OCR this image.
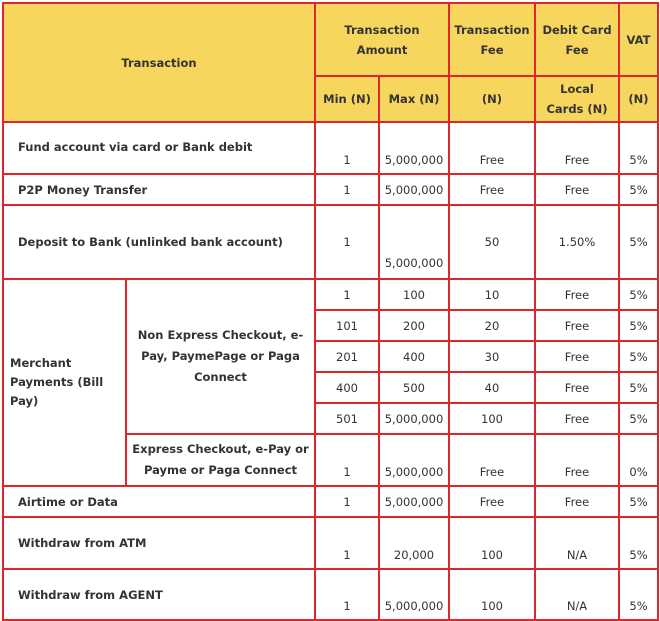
Transaction		Transaction Amount		Transaction Fee	Debit Card Fee	VAT
		Min (N)	Max (N)	(N)	Local Cards (N)	(N)
Fund account via card or Bank debit		1	5,000,000	Free	Free	5%
P2P Money Transfer		1	5,000,000	Free	Free	5%
Deposit to Bank (unlinked bank account)		1	5,000,000	50	1.50%	5%
Merchant Payments (Bill Pay)	Non Express Checkout, e-Pay, PaymePage or Paga Connect	1	100	10	Free	5%
		101	200	20	Free	5%
		201	400	30	Free	5%
		400	500	40	Free	5%
		501	5,000,000	100	Free	5%
	Express Checkout, e-Pay or Payme or Paga Connect	1	5,000,000	Free	Free	0%
Airtime or Data		1	5,000,000	Free	Free	5%
Withdraw from ATM		1	20,000	100	N/A	5%
Withdraw from AGENT		1	5,000,000	100	N/A	5%
